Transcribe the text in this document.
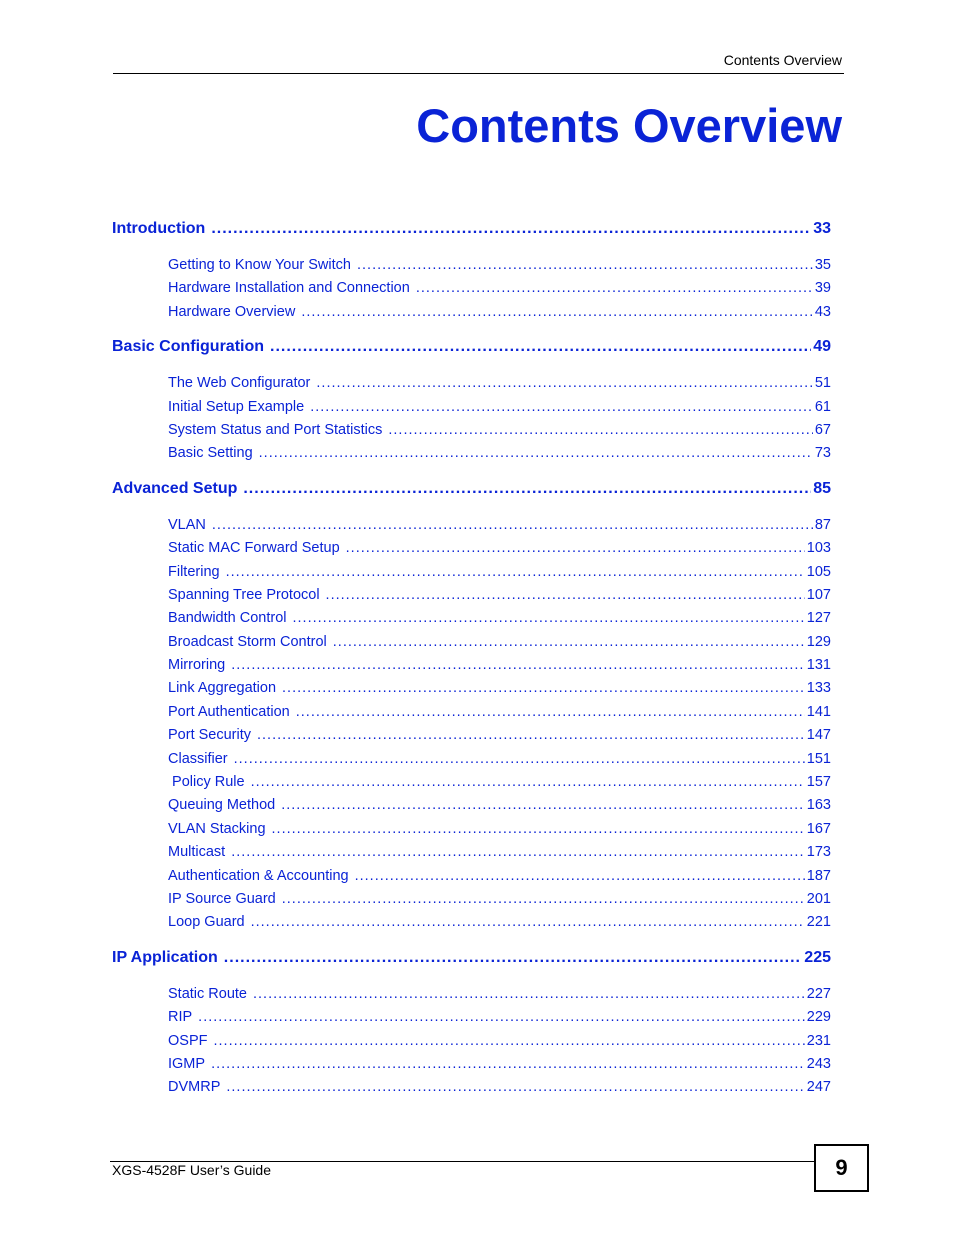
Contents Overview
Contents Overview
Introduction .....	33
Getting to Know Your Switch .....	35
Hardware Installation and Connection .....	39
Hardware Overview .....	43
Basic Configuration .....	49
The Web Configurator .....	51
Initial Setup Example .....	61
System Status and Port Statistics .....	67
Basic Setting .....	73
Advanced Setup .....	85
VLAN .....	87
Static MAC Forward Setup .....	103
Filtering .....	105
Spanning Tree Protocol .....	107
Bandwidth Control .....	127
Broadcast Storm Control .....	129
Mirroring .....	131
Link Aggregation .....	133
Port Authentication .....	141
Port Security .....	147
Classifier .....	151
Policy Rule .....	157
Queuing Method .....	163
VLAN Stacking .....	167
Multicast .....	173
Authentication & Accounting .....	187
IP Source Guard .....	201
Loop Guard .....	221
IP Application .....	225
Static Route .....	227
RIP .....	229
OSPF .....	231
IGMP .....	243
DVMRP .....	247
XGS-4528F User’s Guide	9
